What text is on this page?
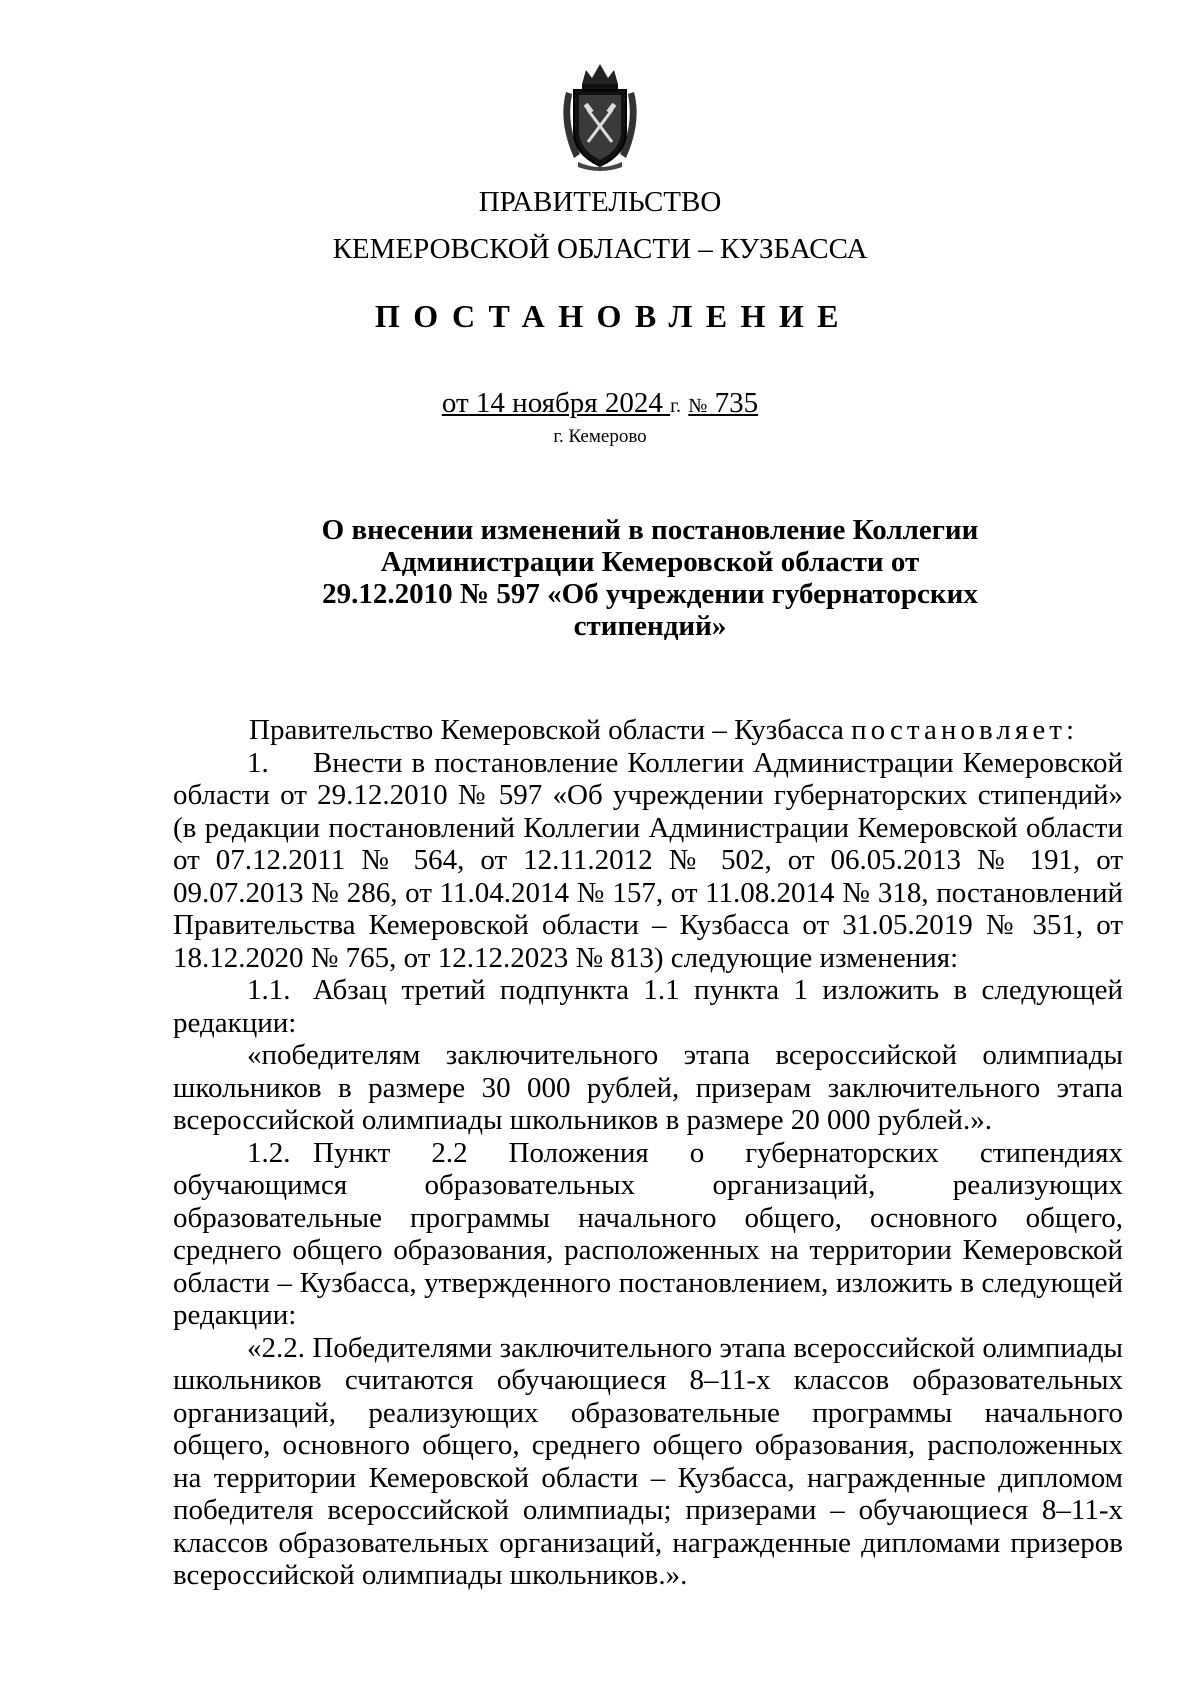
ПРАВИТЕЛЬСТВО
КЕМЕРОВСКОЙ ОБЛАСТИ – КУЗБАССА
ПОСТАНОВЛЕНИЕ
от 14 ноября 2024 г. № 735
г. Кемерово
О внесении изменений в постановление Коллегии
Администрации Кемеровской области от
29.12.2010 № 597 «Об учреждении губернаторских
стипендий»

Правительство Кемеровской области – Кузбасса постановляет:

1. Внести в постановление Коллегии Администрации Кемеровской области от 29.12.2010 № 597 «Об учреждении губернаторских стипендий» (в редакции постановлений Коллегии Администрации Кемеровской области от 07.12.2011 № 564, от 12.11.2012 № 502, от 06.05.2013 № 191, от 09.07.2013 № 286, от 11.04.2014 № 157, от 11.08.2014 № 318, постановлений Правительства Кемеровской области – Кузбасса от 31.05.2019 № 351, от 18.12.2020 № 765, от 12.12.2023 № 813) следующие изменения:

1.1. Абзац третий подпункта 1.1 пункта 1 изложить в следующей редакции:

«победителям заключительного этапа всероссийской олимпиады школьников в размере 30 000 рублей, призерам заключительного этапа всероссийской олимпиады школьников в размере 20 000 рублей.».

1.2. Пункт 2.2 Положения о губернаторских стипендиях обучающимся образовательных организаций, реализующих образовательные программы начального общего, основного общего, среднего общего образования, расположенных на территории Кемеровской области – Кузбасса, утвержденного постановлением, изложить в следующей редакции:

«2.2. Победителями заключительного этапа всероссийской олимпиады школьников считаются обучающиеся 8–11-х классов образовательных организаций, реализующих образовательные программы начального общего, основного общего, среднего общего образования, расположенных на территории Кемеровской области – Кузбасса, награжденные дипломом победителя всероссийской олимпиады; призерами – обучающиеся 8–11-х классов образовательных организаций, награжденные дипломами призеров всероссийской олимпиады школьников.».
